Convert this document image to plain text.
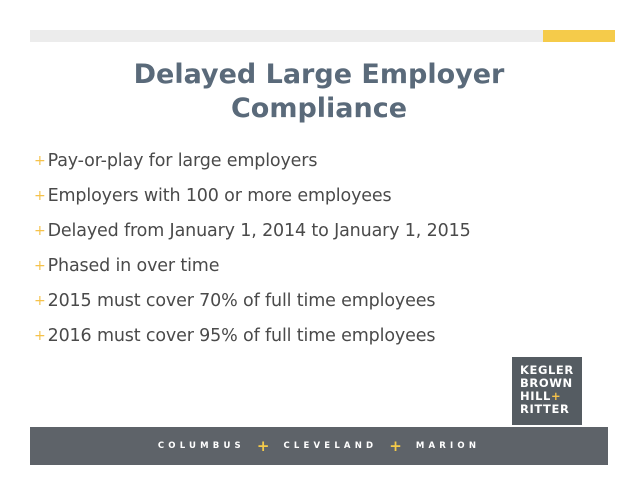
Delayed Large Employer
Compliance
+ Pay-or-play for large employers
+ Employers with 100 or more employees
+ Delayed from January 1, 2014 to January 1, 2015
+ Phased in over time
+ 2015 must cover 70% of full time employees
+ 2016 must cover 95% of full time employees
KEGLER
BROWN
HILL+
RITTER
COLUMBUS + CLEVELAND + MARION
